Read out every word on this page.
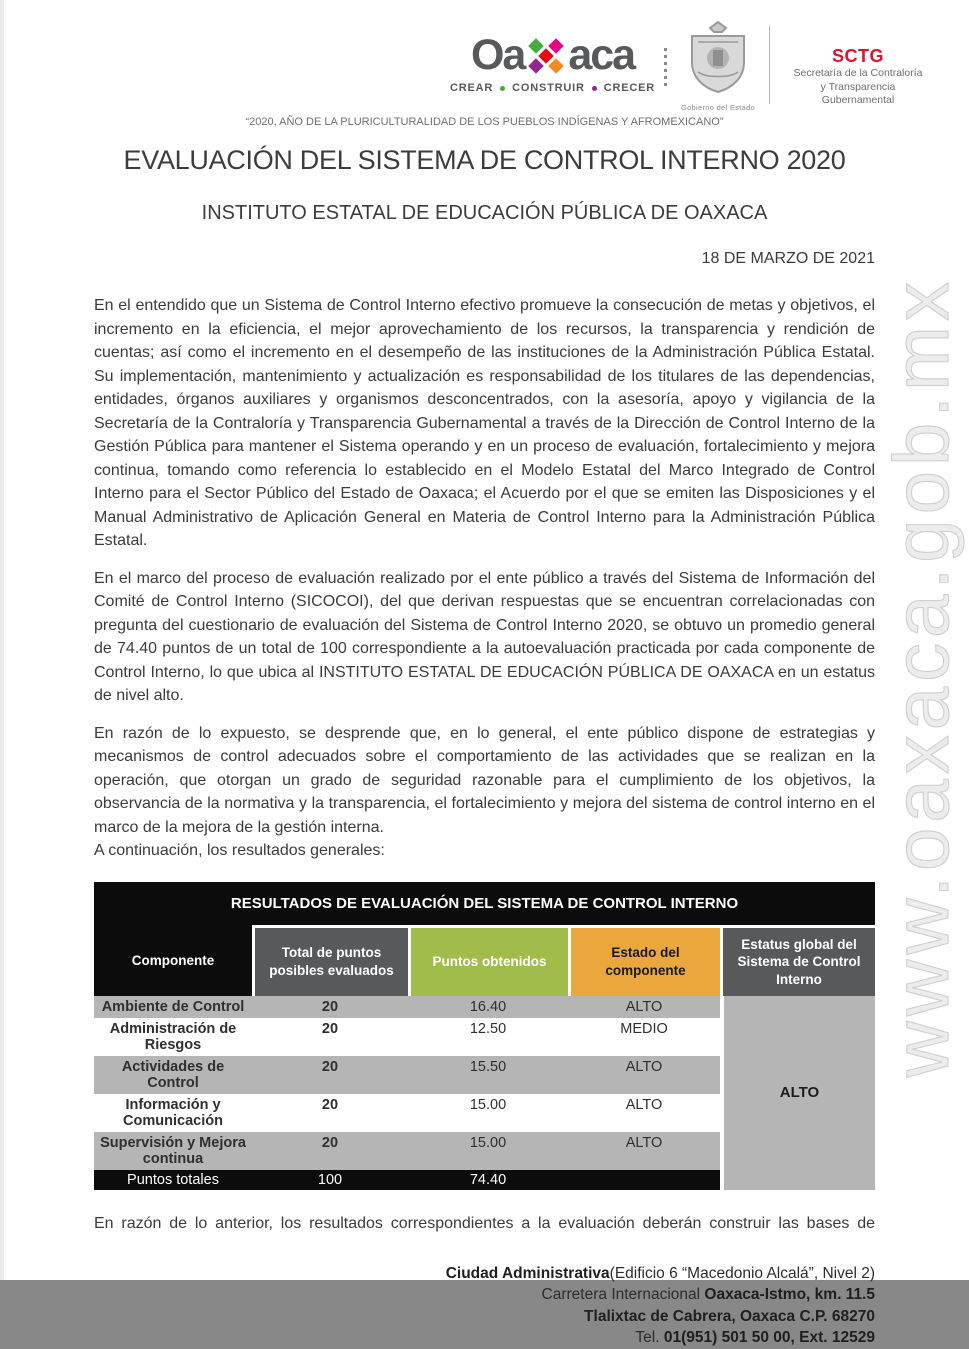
www.oaxaca.gob.mx
Oa aca
CREAR CONSTRUIR CRECER
Gobierno del Estado
SCTG
Secretaría de la Contraloría
y Transparencia
Gubernamental
“2020, AÑO DE LA PLURICULTURALIDAD DE LOS PUEBLOS INDÍGENAS Y AFROMEXICANO”
EVALUACIÓN DEL SISTEMA DE CONTROL INTERNO 2020
INSTITUTO ESTATAL DE EDUCACIÓN PÚBLICA DE OAXACA
18 DE MARZO DE 2021

En el entendido que un Sistema de Control Interno efectivo promueve la consecución de metas y objetivos, el incremento en la eficiencia, el mejor aprovechamiento de los recursos, la transparencia y rendición de cuentas; así como el incremento en el desempeño de las instituciones de la Administración Pública Estatal. Su implementación, mantenimiento y actualización es responsabilidad de los titulares de las dependencias, entidades, órganos auxiliares y organismos desconcentrados, con la asesoría, apoyo y vigilancia de la Secretaría de la Contraloría y Transparencia Gubernamental a través de la Dirección de Control Interno de la Gestión Pública para mantener el Sistema operando y en un proceso de evaluación, fortalecimiento y mejora continua, tomando como referencia lo establecido en el Modelo Estatal del Marco Integrado de Control Interno para el Sector Público del Estado de Oaxaca; el Acuerdo por el que se emiten las Disposiciones y el Manual Administrativo de Aplicación General en Materia de Control Interno para la Administración Pública Estatal.

En el marco del proceso de evaluación realizado por el ente público a través del Sistema de Información del Comité de Control Interno (SICOCOI), del que derivan respuestas que se encuentran correlacionadas con pregunta del cuestionario de evaluación del Sistema de Control Interno 2020, se obtuvo un promedio general de 74.40 puntos de un total de 100 correspondiente a la autoevaluación practicada por cada componente de Control Interno, lo que ubica al INSTITUTO ESTATAL DE EDUCACIÓN PÚBLICA DE OAXACA en un estatus de nivel alto.

En razón de lo expuesto, se desprende que, en lo general, el ente público dispone de estrategias y mecanismos de control adecuados sobre el comportamiento de las actividades que se realizan en la operación, que otorgan un grado de seguridad razonable para el cumplimiento de los objetivos, la observancia de la normativa y la transparencia, el fortalecimiento y mejora del sistema de control interno en el marco de la mejora de la gestión interna.

A continuación, los resultados generales:

RESULTADOS DE EVALUACIÓN DEL SISTEMA DE CONTROL INTERNO
Componente	Total de puntos posibles evaluados	Puntos obtenidos	Estado del componente	Estatus global del Sistema de Control Interno
Ambiente de Control	20	16.40	ALTO	ALTO
Administración de Riesgos	20	12.50	MEDIO	
Actividades de Control	20	15.50	ALTO	
Información y Comunicación	20	15.00	ALTO	
Supervisión y Mejora continua	20	15.00	ALTO	
Puntos totales	100	74.40		

En razón de lo anterior, los resultados correspondientes a la evaluación deberán construir las bases de

Ciudad Administrativa(Edificio 6 “Macedonio Alcalá”, Nivel 2)
Carretera Internacional Oaxaca-Istmo, km. 11.5
Tlalixtac de Cabrera, Oaxaca C.P. 68270
Tel. 01(951) 501 50 00, Ext. 12529
